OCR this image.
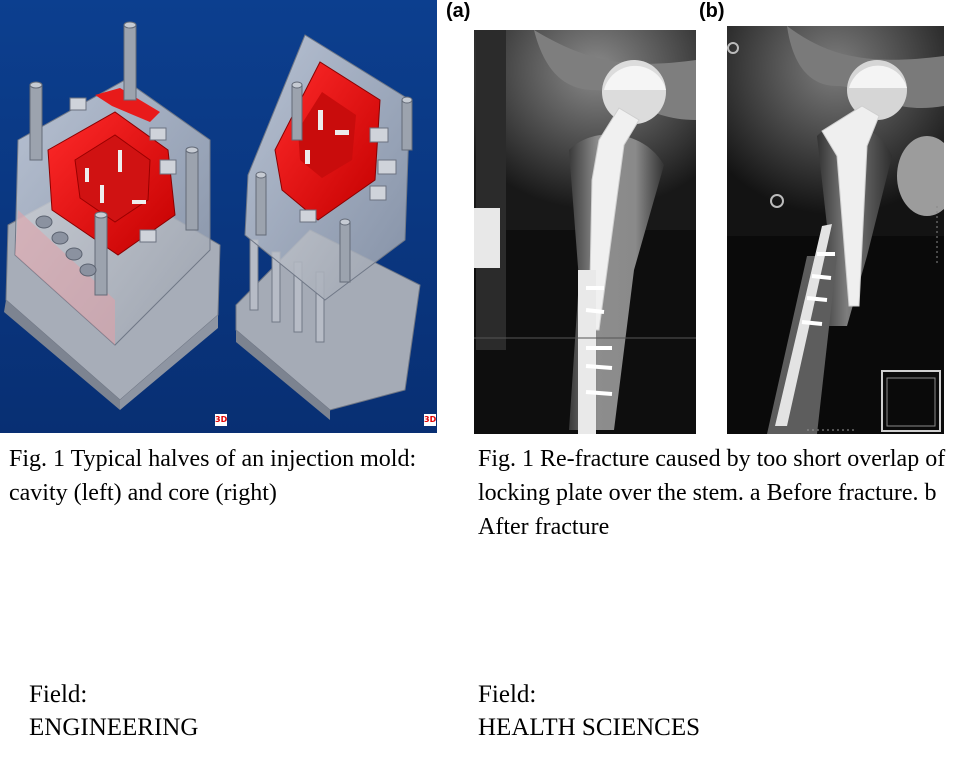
3D	3D
(a)	(b)
Fig. 1 Typical halves of an injection mold: cavity (left) and core (right)
Fig. 1 Re-fracture caused by too short overlap of locking plate over the stem. a Before fracture. b After fracture
Field:
ENGINEERING
Field:
HEALTH SCIENCES
